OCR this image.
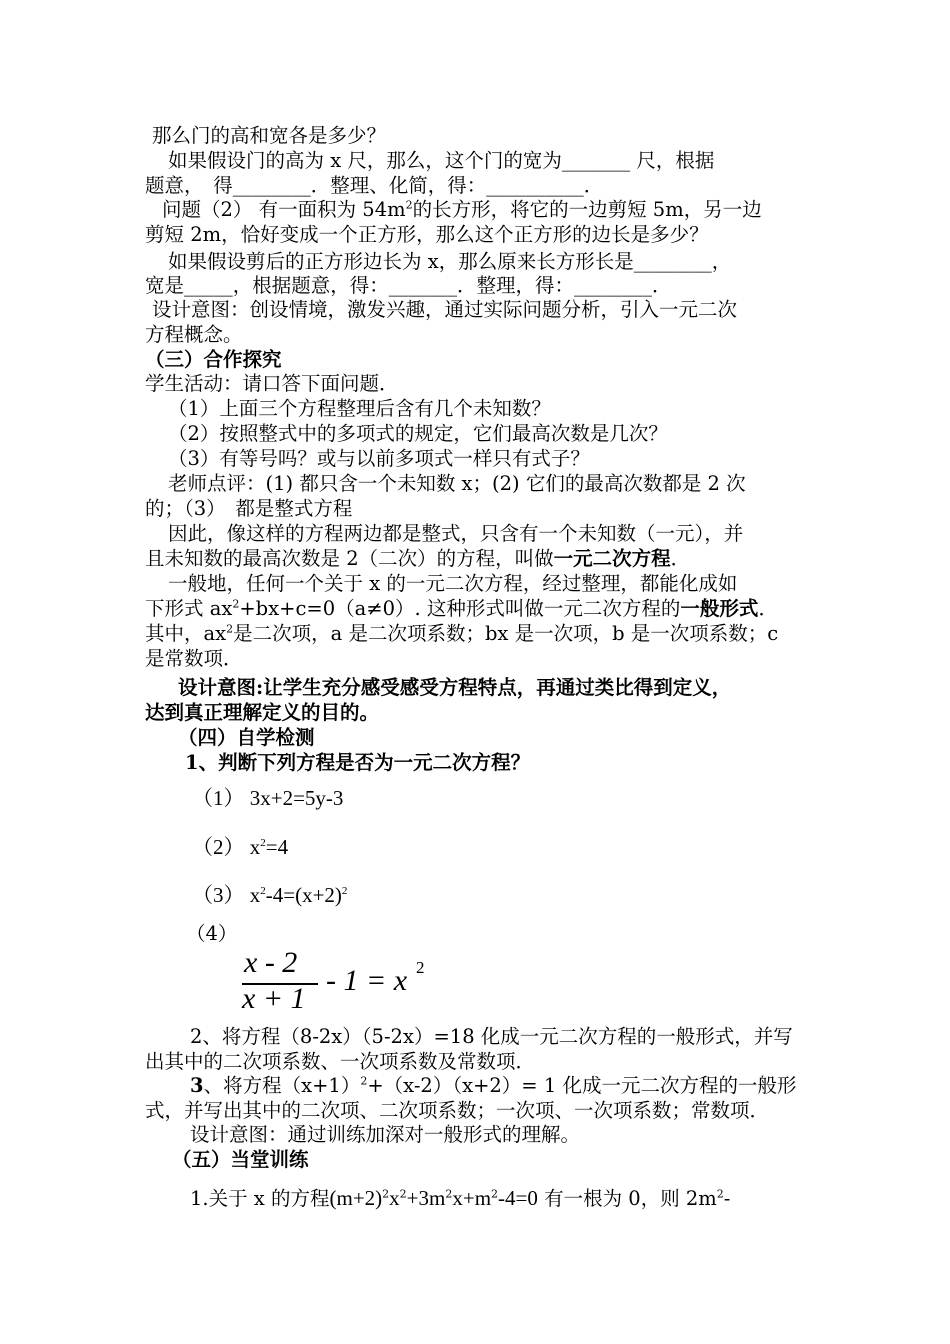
那么门的高和宽各是多少？
如果假设门的高为 x 尺，那么，这个门的宽为_______ 尺，根据
题意，　得________．整理、化简，得：__________．
问题（2） 有一面积为 $54m^2$的长方形，将它的一边剪短 5m，另一边
剪短 2m，恰好变成一个正方形，那么这个正方形的边长是多少？
如果假设剪后的正方形边长为 x，那么原来长方形长是________，
宽是_____，根据题意，得：_______．整理，得：________．
设计意图：创设情境，激发兴趣，通过实际问题分析，引入一元二次
方程概念。
（三）合作探究
学生活动：请口答下面问题．
（1）上面三个方程整理后含有几个未知数？
（2）按照整式中的多项式的规定，它们最高次数是几次？
（3）有等号吗？或与以前多项式一样只有式子？
老师点评：(1) 都只含一个未知数 x；(2) 它们的最高次数都是 2 次
的；（3）　都是整式方程
因此，像这样的方程两边都是整式，只含有一个未知数（一元），并
且未知数的最高次数是 2（二次）的方程，叫做一元二次方程．
一般地，任何一个关于 x 的一元二次方程，经过整理，都能化成如
下形式 $ax^2+bx+c=0(a\ne 0)$. 这种形式叫做一元二次方程的一般形式．
其中，$ax^2$是二次项，a 是二次项系数；bx 是一次项，b 是一次项系数；c
是常数项．
设计意图:让学生充分感受感受方程特点，再通过类比得到定义，
达到真正理解定义的目的。
（四）自学检测
1、判断下列方程是否为一元二次方程？
（1） 3x+2=5y-3
（2） $x^2=4$
（3） $x^2-4=(x+2)^2$
（4）
x - 2
x + 1
- 1 = x 2
2、将方程（8-2x）（5-2x）=18 化成一元二次方程的一般形式，并写
出其中的二次项系数、一次项系数及常数项．
3、将方程$(x+1)^2+(x-2)(x+2)= 1$ 化成一元二次方程的一般形
式，并写出其中的二次项、二次项系数；一次项、一次项系数；常数项．
设计意图：通过训练加深对一般形式的理解。
（五）当堂训练
1.关于 x 的方程$(m+2)^2x^2+3m^2x+m^2-4=0$ 有一根为 0，则 $2m^2-$
